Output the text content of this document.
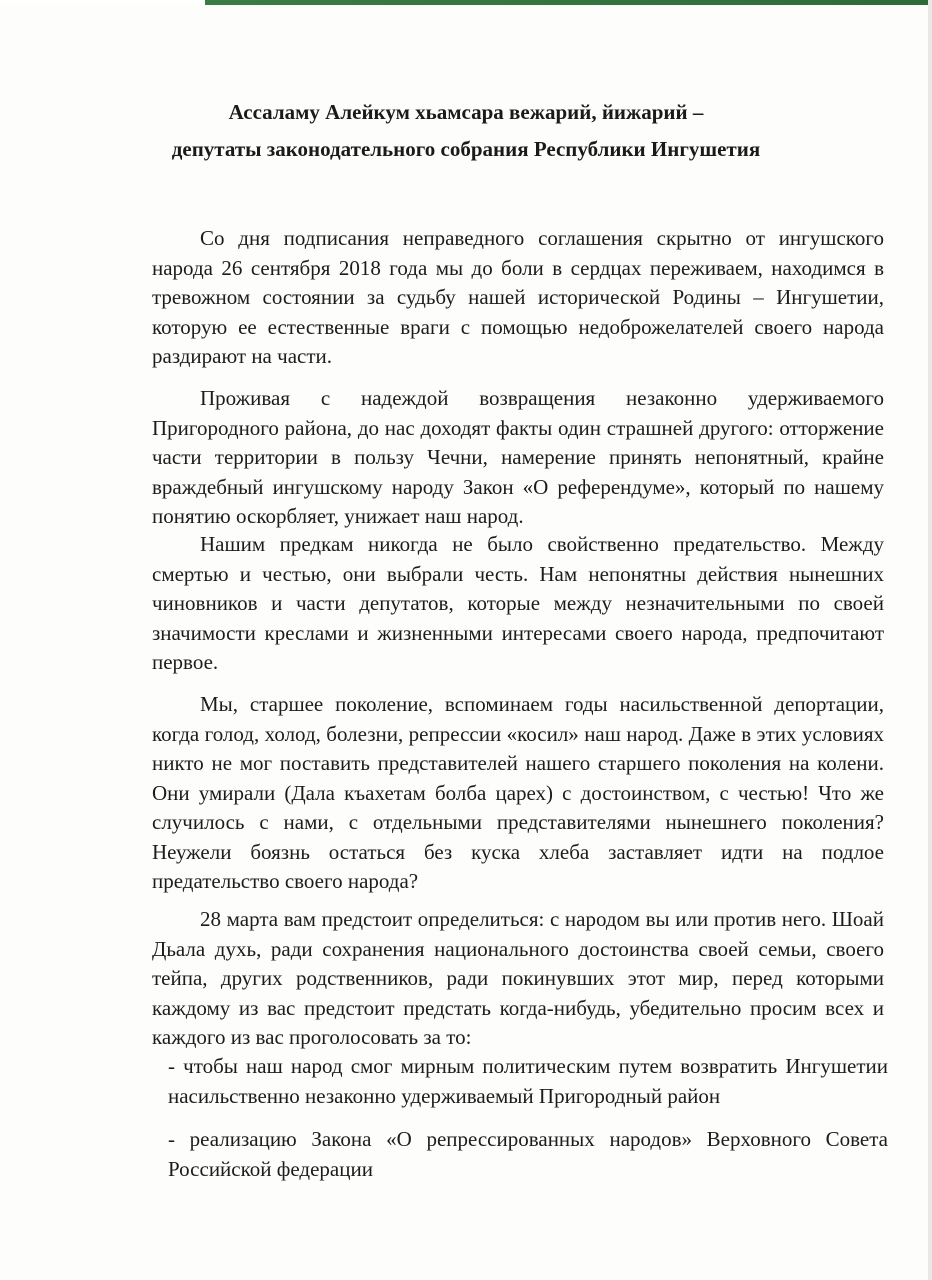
Ассаламу Алейкум хьамсара вежарий, йижарий –
депутаты законодательного собрания Республики Ингушетия

Со дня подписания неправедного соглашения скрытно от ингушского народа 26 сентября 2018 года мы до боли в сердцах переживаем, находимся в тревожном состоянии за судьбу нашей исторической Родины – Ингушетии, которую ее естественные враги с помощью недоброжелателей своего народа раздирают на части.

Проживая с надеждой возвращения незаконно удерживаемого Пригородного района, до нас доходят факты один страшней другого: отторжение части территории в пользу Чечни, намерение принять непонятный, крайне враждебный ингушскому народу Закон «О референдуме», который по нашему понятию оскорбляет, унижает наш народ.

Нашим предкам никогда не было свойственно предательство. Между смертью и честью, они выбрали честь. Нам непонятны действия нынешних чиновников и части депутатов, которые между незначительными по своей значимости креслами и жизненными интересами своего народа, предпочитают первое.

Мы, старшее поколение, вспоминаем годы насильственной депортации, когда голод, холод, болезни, репрессии «косил» наш народ. Даже в этих условиях никто не мог поставить представителей нашего старшего поколения на колени. Они умирали (Дала къахетам болба царех) с достоинством, с честью! Что же случилось с нами, с отдельными представителями нынешнего поколения? Неужели боязнь остаться без куска хлеба заставляет идти на подлое предательство своего народа?

28 марта вам предстоит определиться: с народом вы или против него. Шоай Дьала духь, ради сохранения национального достоинства своей семьи, своего тейпа, других родственников, ради покинувших этот мир, перед которыми каждому из вас предстоит предстать когда-нибудь, убедительно просим всех и каждого из вас проголосовать за то:

- чтобы наш народ смог мирным политическим путем возвратить Ингушетии насильственно незаконно удерживаемый Пригородный район

- реализацию Закона «О репрессированных народов» Верховного Совета Российской федерации
